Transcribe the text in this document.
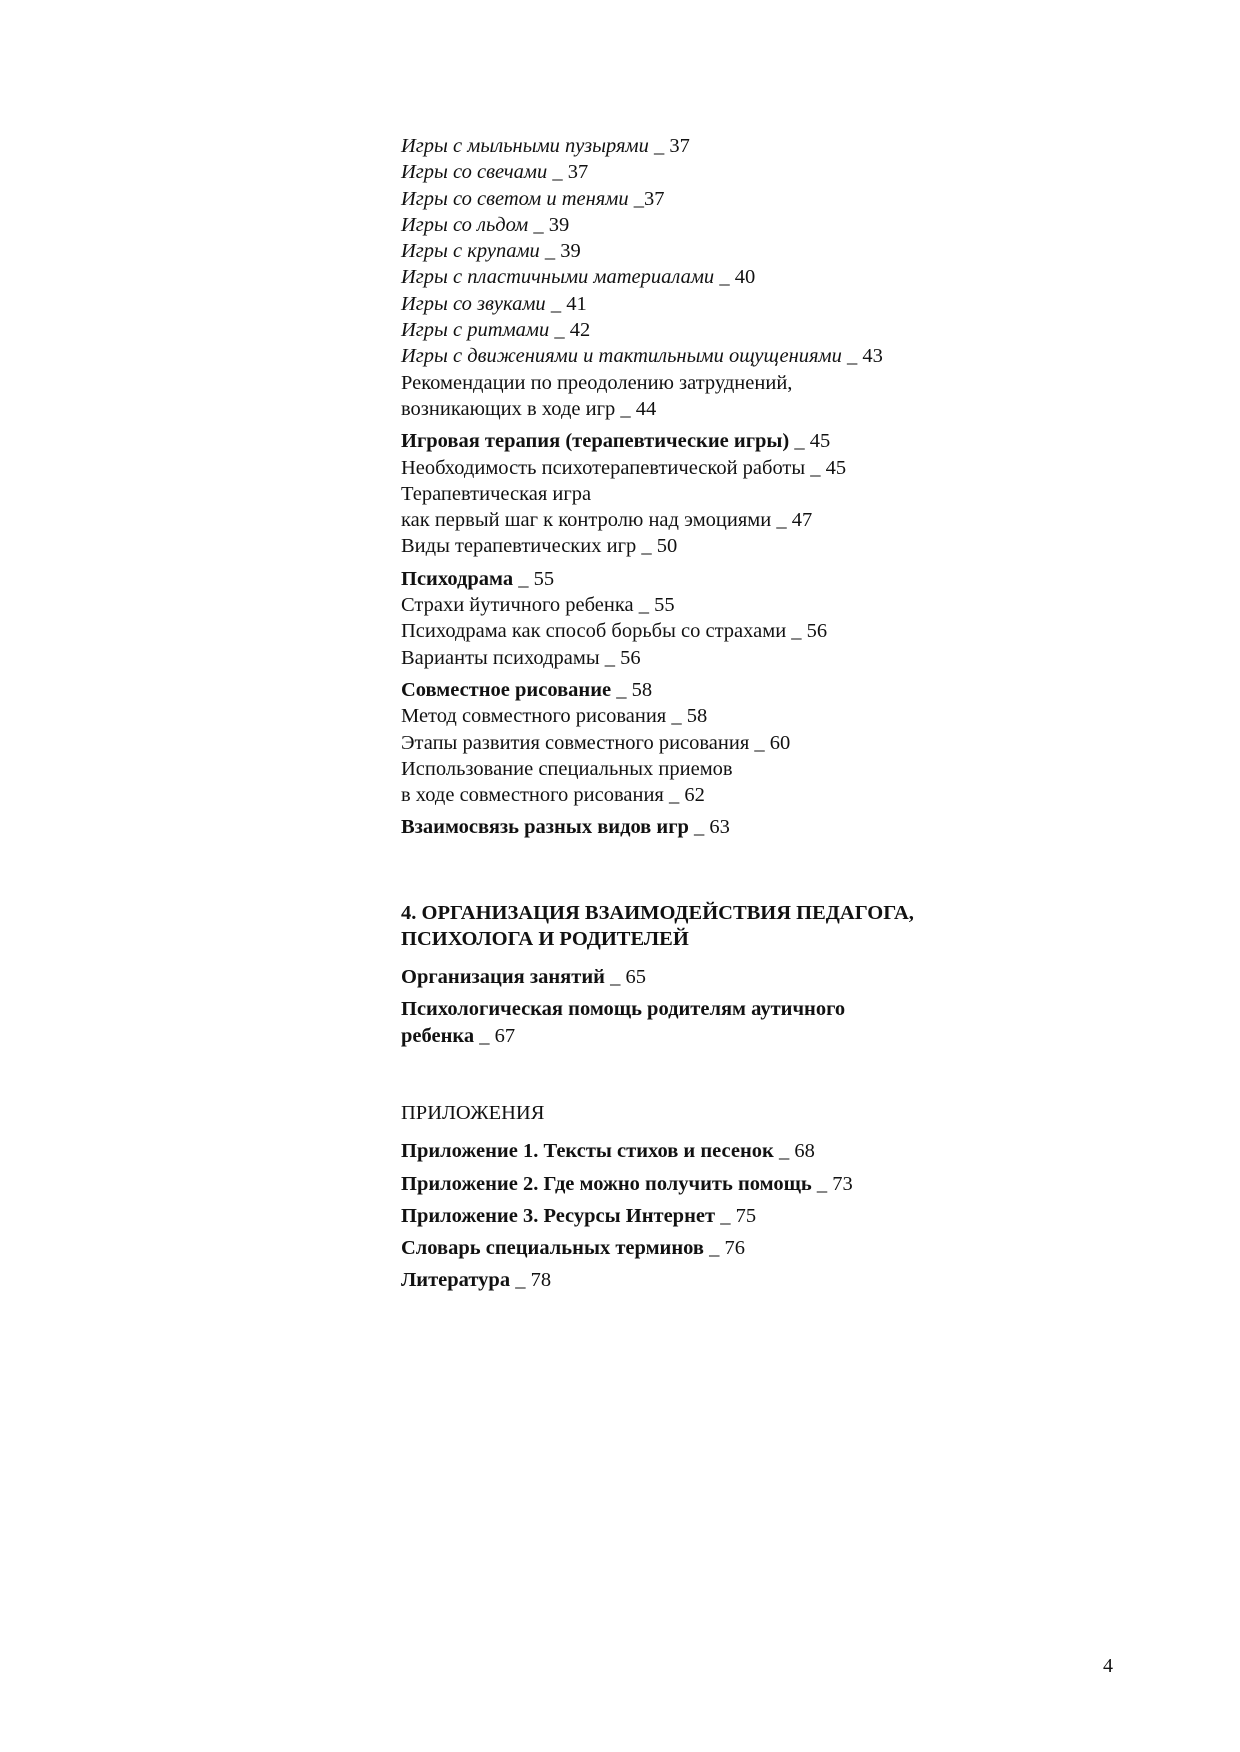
Игры с мыльными пузырями _ 37
Игры со свечами _ 37
Игры со светом и тенями _37
Игры со льдом _ 39
Игры с крупами _ 39
Игры с пластичными материалами _ 40
Игры со звуками _ 41
Игры с ритмами _ 42
Игры с движениями и тактильными ощущениями _ 43
Рекомендации по преодолению затруднений,
возникающих в ходе игр _ 44
Игровая терапия (терапевтические игры) _ 45
Необходимость психотерапевтической работы _ 45
Терапевтическая игра
как первый шаг к контролю над эмоциями _ 47
Виды терапевтических игр _ 50
Психодрама _ 55
Страхи йутичного ребенка _ 55
Психодрама как способ борьбы со страхами _ 56
Варианты психодрамы _ 56
Совместное рисование _ 58
Метод совместного рисования _ 58
Этапы развития совместного рисования _ 60
Использование специальных приемов
в ходе совместного рисования _ 62
Взаимосвязь разных видов игр _ 63
4. ОРГАНИЗАЦИЯ ВЗАИМОДЕЙСТВИЯ ПЕДАГОГА,
ПСИХОЛОГА И РОДИТЕЛЕЙ
Организация занятий _ 65
Психологическая помощь родителям аутичного
ребенка _ 67
ПРИЛОЖЕНИЯ
Приложение 1. Тексты стихов и песенок _ 68
Приложение 2. Где можно получить помощь _ 73
Приложение 3. Ресурсы Интернет _ 75
Словарь специальных терминов _ 76
Литература _ 78
4
